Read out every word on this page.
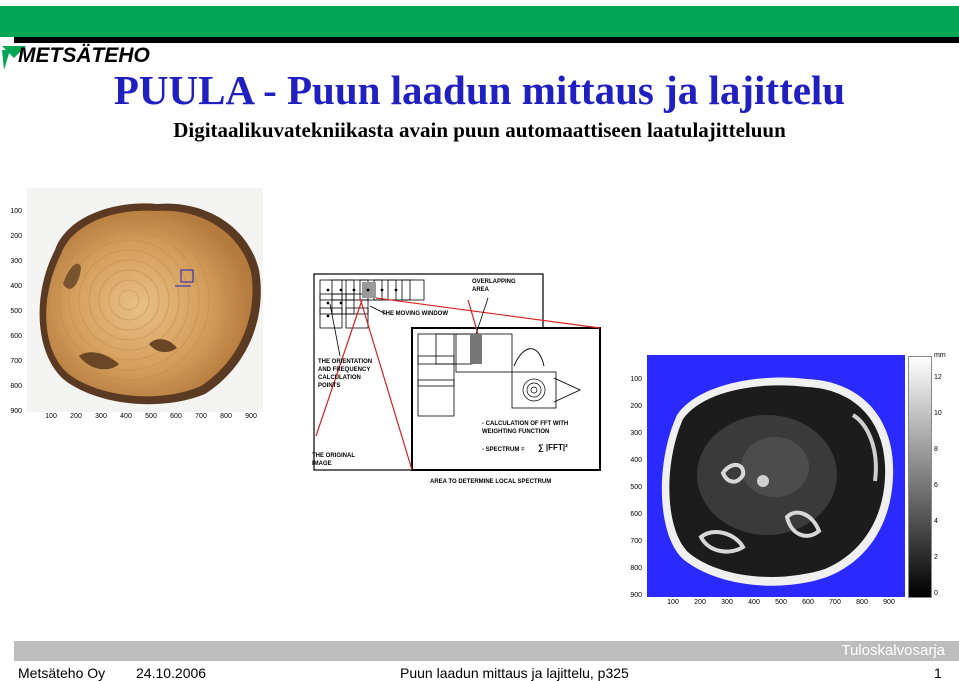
METSÄTEHO
PUULA - Puun laadun mittaus ja lajittelu
Digitaalikuvatekniikasta avain puun automaattiseen laatulajitteluun
100
200
300
400
500
600
700
800
900
100	200	300	400	500	600	700	800	900
OVERLAPPING
AREA
THE MOVING WINDOW
THE ORIENTATION
AND FREQUENCY
CALCULATION
POINTS
THE ORIGINAL
IMAGE
- CALCULATION OF FFT WITH
WEIGHTING FUNCTION
- SPECTRUM = ∑ |FFT|²
AREA TO DETERMINE LOCAL SPECTRUM
100
200
300
400
500
600
700
800
900
100	200	300	400	500	600	700	800	900
mm
12
10
8
6
4
2
0
Tuloskalvosarja
Metsäteho Oy 24.10.2006	Puun laadun mittaus ja lajittelu, p325	1
